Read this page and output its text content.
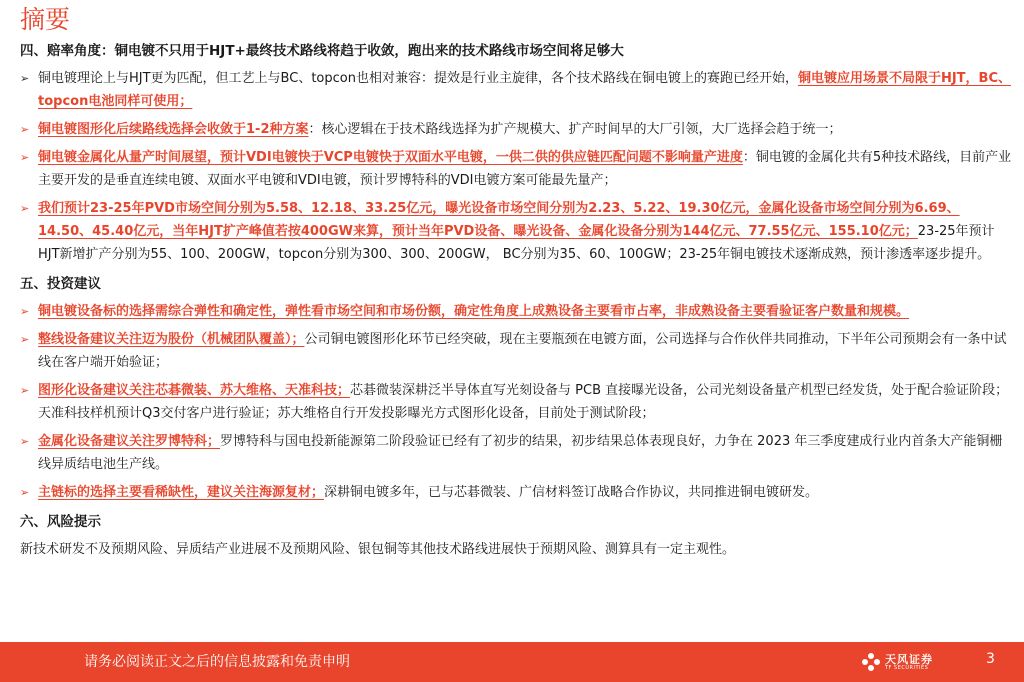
摘要
四、赔率角度：铜电镀不只用于HJT+最终技术路线将趋于收敛，跑出来的技术路线市场空间将足够大
➢ 铜电镀理论上与HJT更为匹配，但工艺上与BC、topcon也相对兼容：提效是行业主旋律，各个技术路线在铜电镀上的赛跑已经开始，铜电镀应用场景不局限于HJT，BC、topcon电池同样可使用；
➢ 铜电镀图形化后续路线选择会收敛于1-2种方案：核心逻辑在于技术路线选择为扩产规模大、扩产时间早的大厂引领，大厂选择会趋于统一；
➢ 铜电镀金属化从量产时间展望，预计VDI电镀快于VCP电镀快于双面水平电镀，一供二供的供应链匹配问题不影响量产进度：铜电镀的金属化共有5种技术路线，目前产业主要开发的是垂直连续电镀、双面水平电镀和VDI电镀，预计罗博特科的VDI电镀方案可能最先量产；
➢ 我们预计23-25年PVD市场空间分别为5.58、12.18、33.25亿元，曝光设备市场空间分别为2.23、5.22、19.30亿元，金属化设备市场空间分别为6.69、14.50、45.40亿元，当年HJT扩产峰值若按400GW来算，预计当年PVD设备、曝光设备、金属化设备分别为144亿元、77.55亿元、155.10亿元；23-25年预计HJT新增扩产分别为55、100、200GW，topcon分别为300、300、200GW， BC分别为35、60、100GW；23-25年铜电镀技术逐渐成熟，预计渗透率逐步提升。
五、投资建议
➢ 铜电镀设备标的选择需综合弹性和确定性，弹性看市场空间和市场份额，确定性角度上成熟设备主要看市占率，非成熟设备主要看验证客户数量和规模。
➢ 整线设备建议关注迈为股份（机械团队覆盖）；公司铜电镀图形化环节已经突破，现在主要瓶颈在电镀方面，公司选择与合作伙伴共同推动，下半年公司预期会有一条中试线在客户端开始验证；
➢ 图形化设备建议关注芯碁微装、苏大维格、天准科技；芯碁微装深耕泛半导体直写光刻设备与 PCB 直接曝光设备，公司光刻设备量产机型已经发货，处于配合验证阶段；天准科技样机预计Q3交付客户进行验证；苏大维格自行开发投影曝光方式图形化设备，目前处于测试阶段；
➢ 金属化设备建议关注罗博特科；罗博特科与国电投新能源第二阶段验证已经有了初步的结果，初步结果总体表现良好，力争在 2023 年三季度建成行业内首条大产能铜栅线异质结电池生产线。
➢ 主链标的选择主要看稀缺性，建议关注海源复材；深耕铜电镀多年，已与芯碁微装、广信材料签订战略合作协议，共同推进铜电镀研发。
六、风险提示
新技术研发不及预期风险、异质结产业进展不及预期风险、银包铜等其他技术路线进展快于预期风险、测算具有一定主观性。
请务必阅读正文之后的信息披露和免责申明	天风证券
TF SECURITIES
3
